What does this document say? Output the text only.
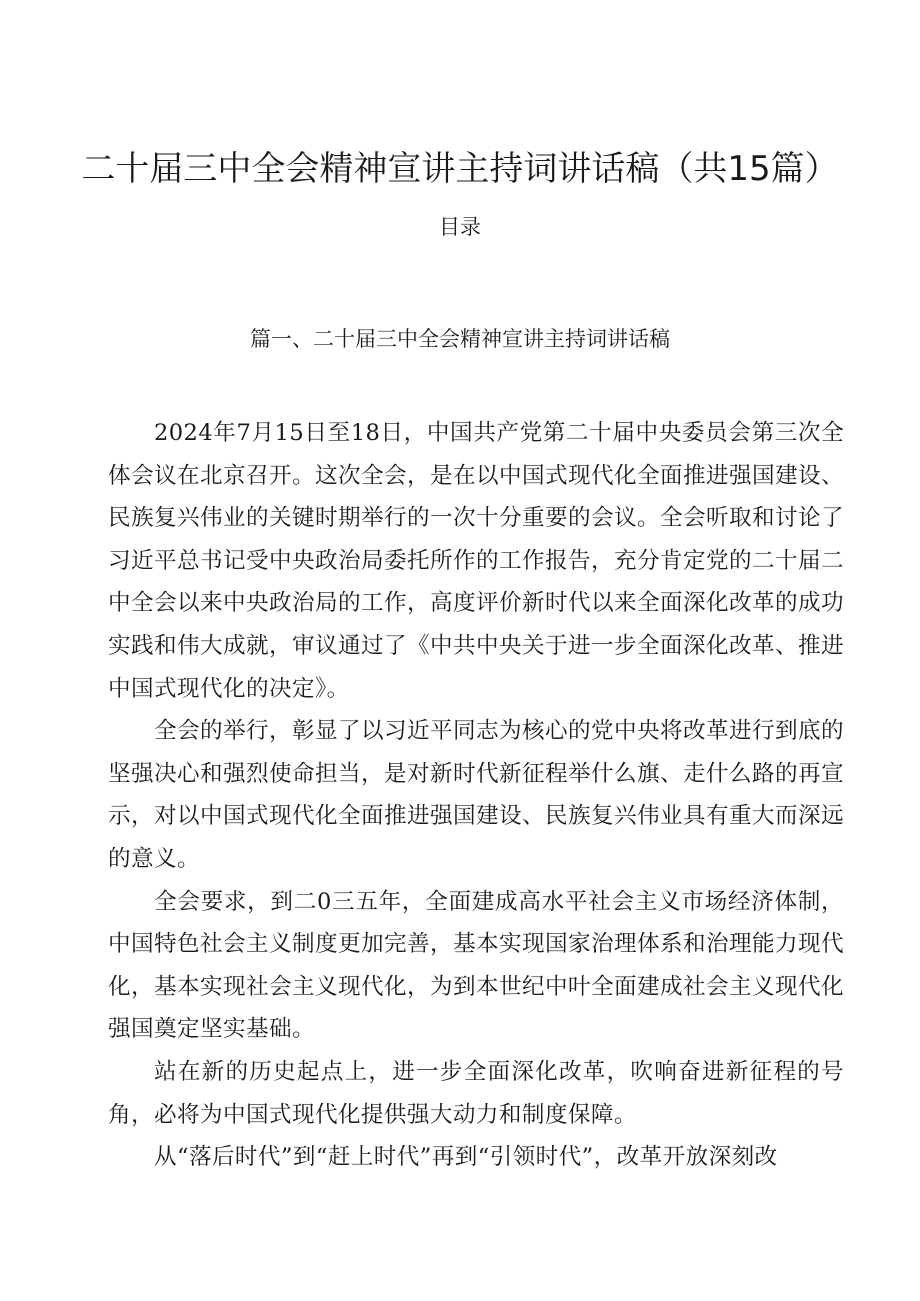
二十届三中全会精神宣讲主持词讲话稿（共15篇）
目录
篇一、二十届三中全会精神宣讲主持词讲话稿

2024年7月15日至18日，中国共产党第二十届中央委员会第三次全体会议在北京召开。这次全会，是在以中国式现代化全面推进强国建设、民族复兴伟业的关键时期举行的一次十分重要的会议。全会听取和讨论了习近平总书记受中央政治局委托所作的工作报告，充分肯定党的二十届二中全会以来中央政治局的工作，高度评价新时代以来全面深化改革的成功实践和伟大成就，审议通过了《中共中央关于进一步全面深化改革、推进中国式现代化的决定》。

全会的举行，彰显了以习近平同志为核心的党中央将改革进行到底的坚强决心和强烈使命担当，是对新时代新征程举什么旗、走什么路的再宣示，对以中国式现代化全面推进强国建设、民族复兴伟业具有重大而深远的意义。

全会要求，到二0三五年，全面建成高水平社会主义市场经济体制，中国特色社会主义制度更加完善，基本实现国家治理体系和治理能力现代化，基本实现社会主义现代化，为到本世纪中叶全面建成社会主义现代化强国奠定坚实基础。

站在新的历史起点上，进一步全面深化改革，吹响奋进新征程的号角，必将为中国式现代化提供强大动力和制度保障。

从“落后时代”到“赶上时代”再到“引领时代”，改革开放深刻改
